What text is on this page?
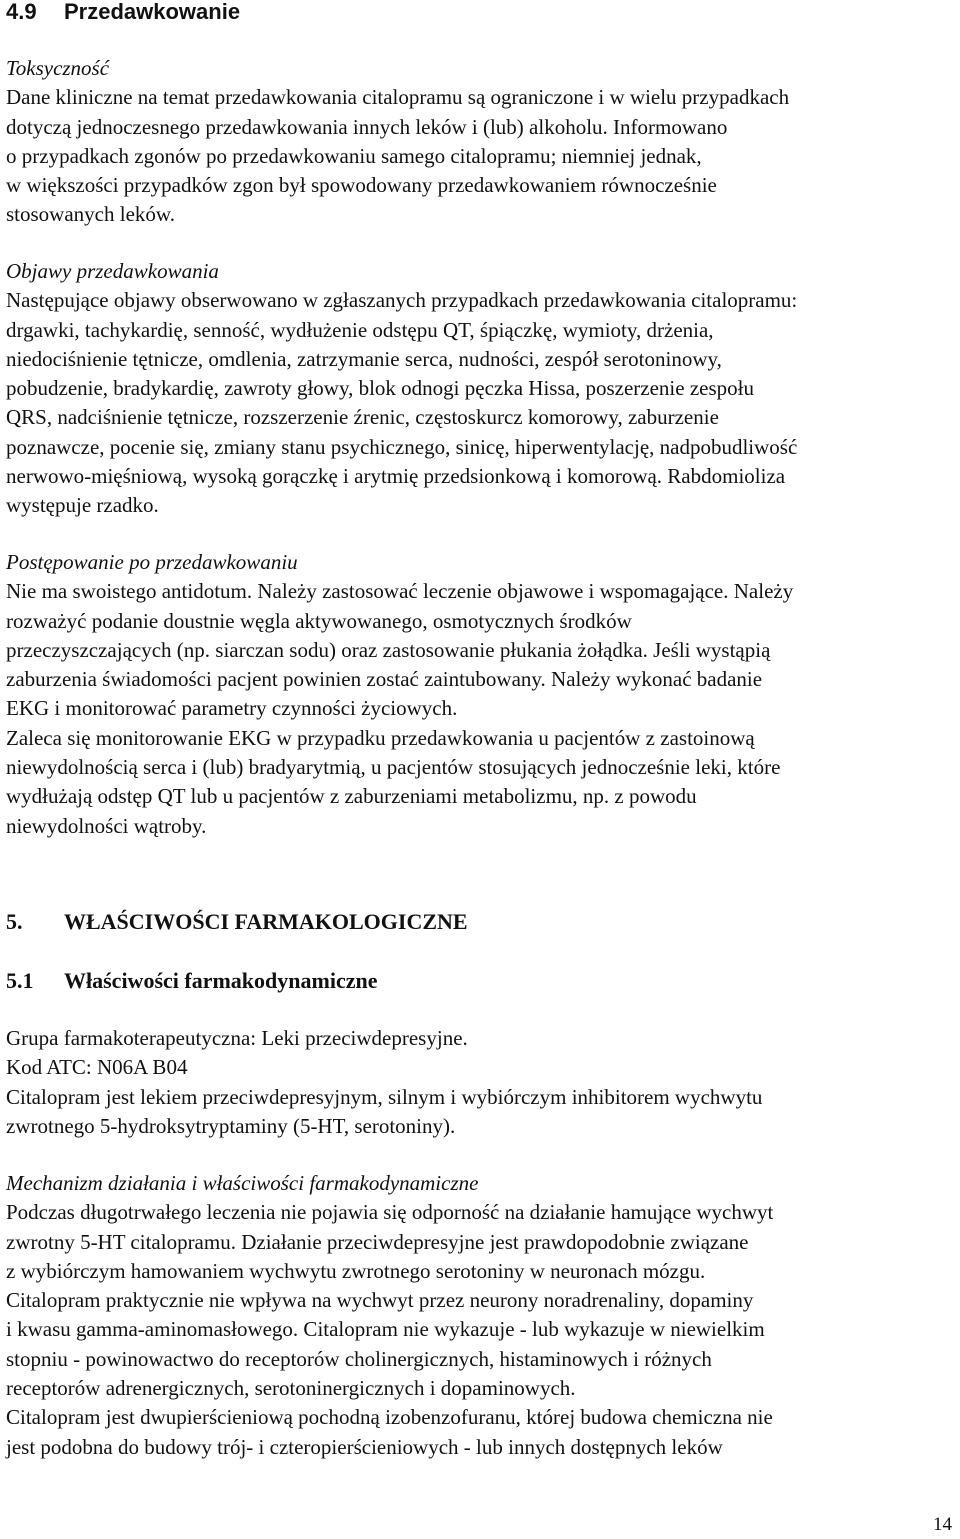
4.9 Przedawkowanie
Toksyczność
Dane kliniczne na temat przedawkowania citalopramu są ograniczone i w wielu przypadkach
dotyczą jednoczesnego przedawkowania innych leków i (lub) alkoholu. Informowano
o przypadkach zgonów po przedawkowaniu samego citalopramu; niemniej jednak,
w większości przypadków zgon był spowodowany przedawkowaniem równocześnie
stosowanych leków.
Objawy przedawkowania
Następujące objawy obserwowano w zgłaszanych przypadkach przedawkowania citalopramu:
drgawki, tachykardię, senność, wydłużenie odstępu QT, śpiączkę, wymioty, drżenia,
niedociśnienie tętnicze, omdlenia, zatrzymanie serca, nudności, zespół serotoninowy,
pobudzenie, bradykardię, zawroty głowy, blok odnogi pęczka Hissa, poszerzenie zespołu
QRS, nadciśnienie tętnicze, rozszerzenie źrenic, częstoskurcz komorowy, zaburzenie
poznawcze, pocenie się, zmiany stanu psychicznego, sinicę, hiperwentylację, nadpobudliwość
nerwowo-mięśniową, wysoką gorączkę i arytmię przedsionkową i komorową. Rabdomioliza
występuje rzadko.
Postępowanie po przedawkowaniu
Nie ma swoistego antidotum. Należy zastosować leczenie objawowe i wspomagające. Należy
rozważyć podanie doustnie węgla aktywowanego, osmotycznych środków
przeczyszczających (np. siarczan sodu) oraz zastosowanie płukania żołądka. Jeśli wystąpią
zaburzenia świadomości pacjent powinien zostać zaintubowany. Należy wykonać badanie
EKG i monitorować parametry czynności życiowych.
Zaleca się monitorowanie EKG w przypadku przedawkowania u pacjentów z zastoinową
niewydolnością serca i (lub) bradyarytmią, u pacjentów stosujących jednocześnie leki, które
wydłużają odstęp QT lub u pacjentów z zaburzeniami metabolizmu, np. z powodu
niewydolności wątroby.
5. WŁAŚCIWOŚCI FARMAKOLOGICZNE
5.1 Właściwości farmakodynamiczne
Grupa farmakoterapeutyczna: Leki przeciwdepresyjne.
Kod ATC: N06A B04
Citalopram jest lekiem przeciwdepresyjnym, silnym i wybiórczym inhibitorem wychwytu
zwrotnego 5-hydroksytryptaminy (5-HT, serotoniny).
Mechanizm działania i właściwości farmakodynamiczne
Podczas długotrwałego leczenia nie pojawia się odporność na działanie hamujące wychwyt
zwrotny 5-HT citalopramu. Działanie przeciwdepresyjne jest prawdopodobnie związane
z wybiórczym hamowaniem wychwytu zwrotnego serotoniny w neuronach mózgu.
Citalopram praktycznie nie wpływa na wychwyt przez neurony noradrenaliny, dopaminy
i kwasu gamma-aminomasłowego. Citalopram nie wykazuje - lub wykazuje w niewielkim
stopniu - powinowactwo do receptorów cholinergicznych, histaminowych i różnych
receptorów adrenergicznych, serotoninergicznych i dopaminowych.
Citalopram jest dwupierścieniową pochodną izobenzofuranu, której budowa chemiczna nie
jest podobna do budowy trój- i czteropierścieniowych - lub innych dostępnych leków
14
